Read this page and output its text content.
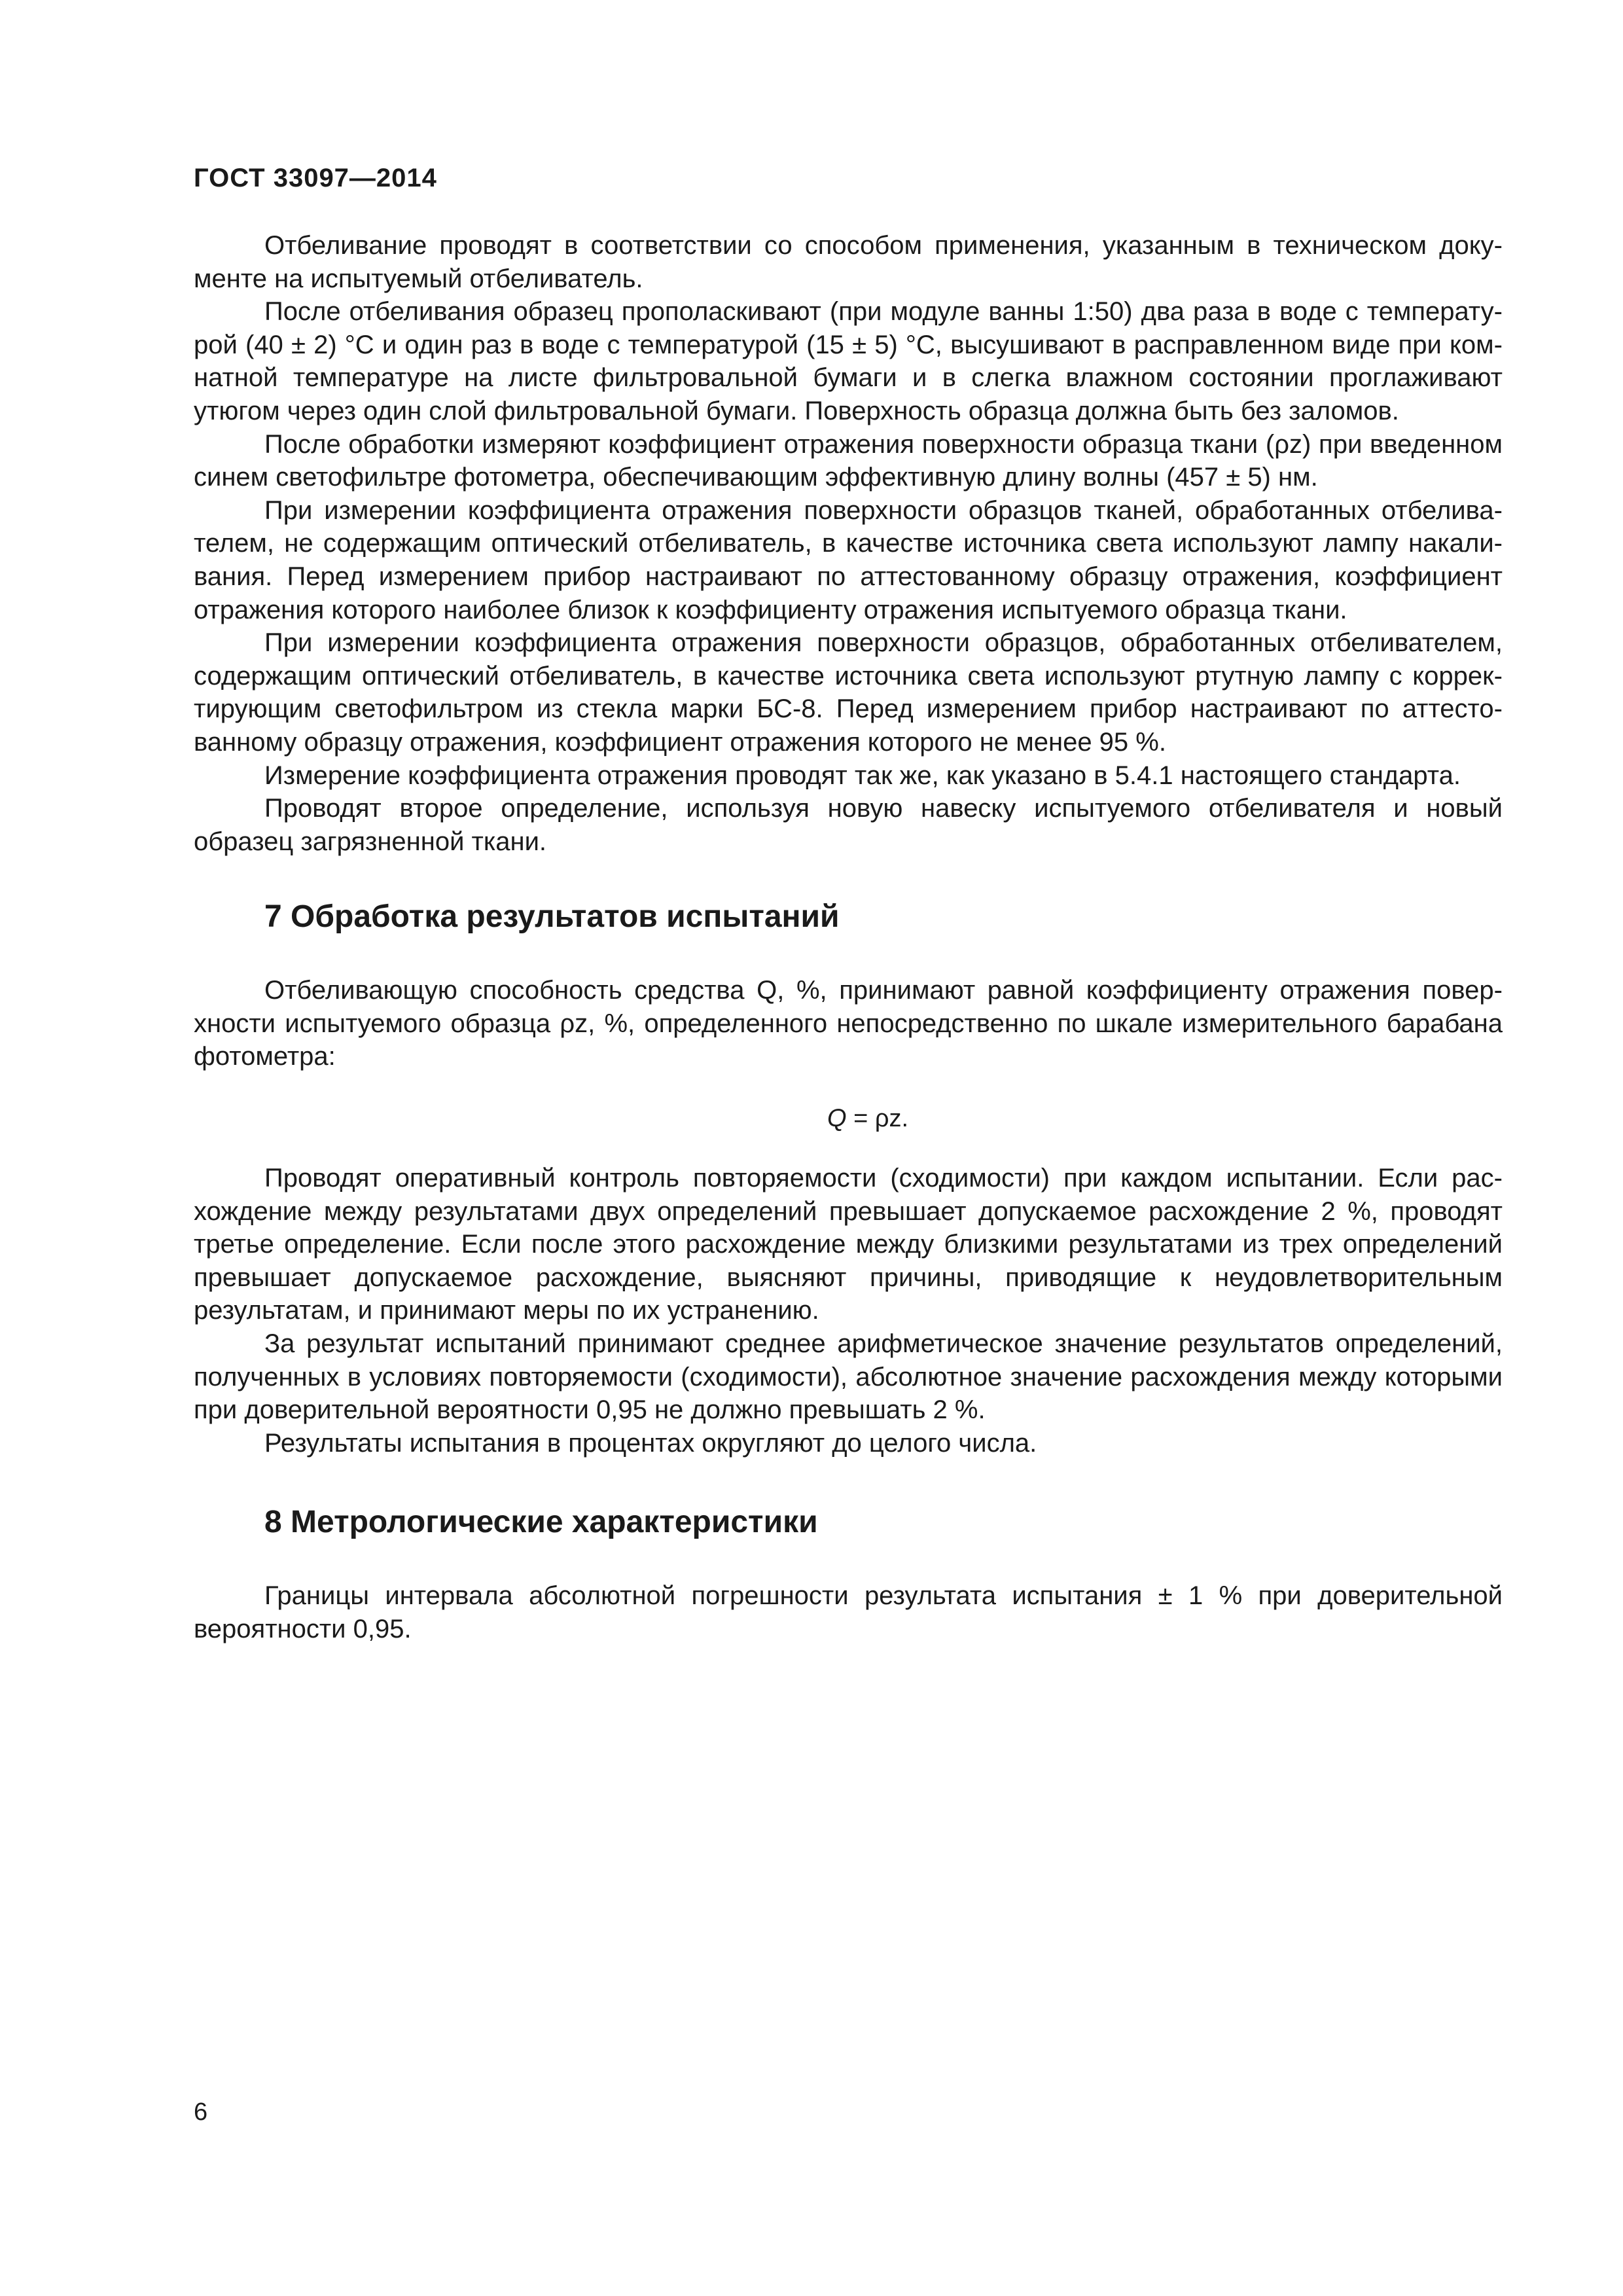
ГОСТ 33097—2014

Отбеливание проводят в соответствии со способом применения, указанным в техническом документе на испытуемый отбеливатель.

После отбеливания образец прополаскивают (при модуле ванны 1:50) два раза в воде с температурой (40 ± 2) °С и один раз в воде с температурой (15 ± 5) °С, высушивают в расправленном виде при комнатной температуре на листе фильтровальной бумаги и в слегка влажном состоянии проглаживают утюгом через один слой фильтровальной бумаги. Поверхность образца должна быть без заломов.

После обработки измеряют коэффициент отражения поверхности образца ткани (ρz) при введенном синем светофильтре фотометра, обеспечивающим эффективную длину волны (457 ± 5) нм.

При измерении коэффициента отражения поверхности образцов тканей, обработанных отбеливателем, не содержащим оптический отбеливатель, в качестве источника света используют лампу накаливания. Перед измерением прибор настраивают по аттестованному образцу отражения, коэффициент отражения которого наиболее близок к коэффициенту отражения испытуемого образца ткани.

При измерении коэффициента отражения поверхности образцов, обработанных отбеливателем, содержащим оптический отбеливатель, в качестве источника света используют ртутную лампу с корректирующим светофильтром из стекла марки БС-8. Перед измерением прибор настраивают по аттестованному образцу отражения, коэффициент отражения которого не менее 95 %.

Измерение коэффициента отражения проводят так же, как указано в 5.4.1 настоящего стандарта.

Проводят второе определение, используя новую навеску испытуемого отбеливателя и новый образец загрязненной ткани.

7 Обработка результатов испытаний

Отбеливающую способность средства Q, %, принимают равной коэффициенту отражения поверхности испытуемого образца ρz, %, определенного непосредственно по шкале измерительного барабана фотометра:

Q = ρz.

Проводят оперативный контроль повторяемости (сходимости) при каждом испытании. Если расхождение между результатами двух определений превышает допускаемое расхождение 2 %, проводят третье определение. Если после этого расхождение между близкими результатами из трех определений превышает допускаемое расхождение, выясняют причины, приводящие к неудовлетворительным результатам, и принимают меры по их устранению.

За результат испытаний принимают среднее арифметическое значение результатов определений, полученных в условиях повторяемости (сходимости), абсолютное значение расхождения между которыми при доверительной вероятности 0,95 не должно превышать 2 %.

Результаты испытания в процентах округляют до целого числа.

8 Метрологические характеристики

Границы интервала абсолютной погрешности результата испытания ± 1 % при доверительной вероятности 0,95.

6
